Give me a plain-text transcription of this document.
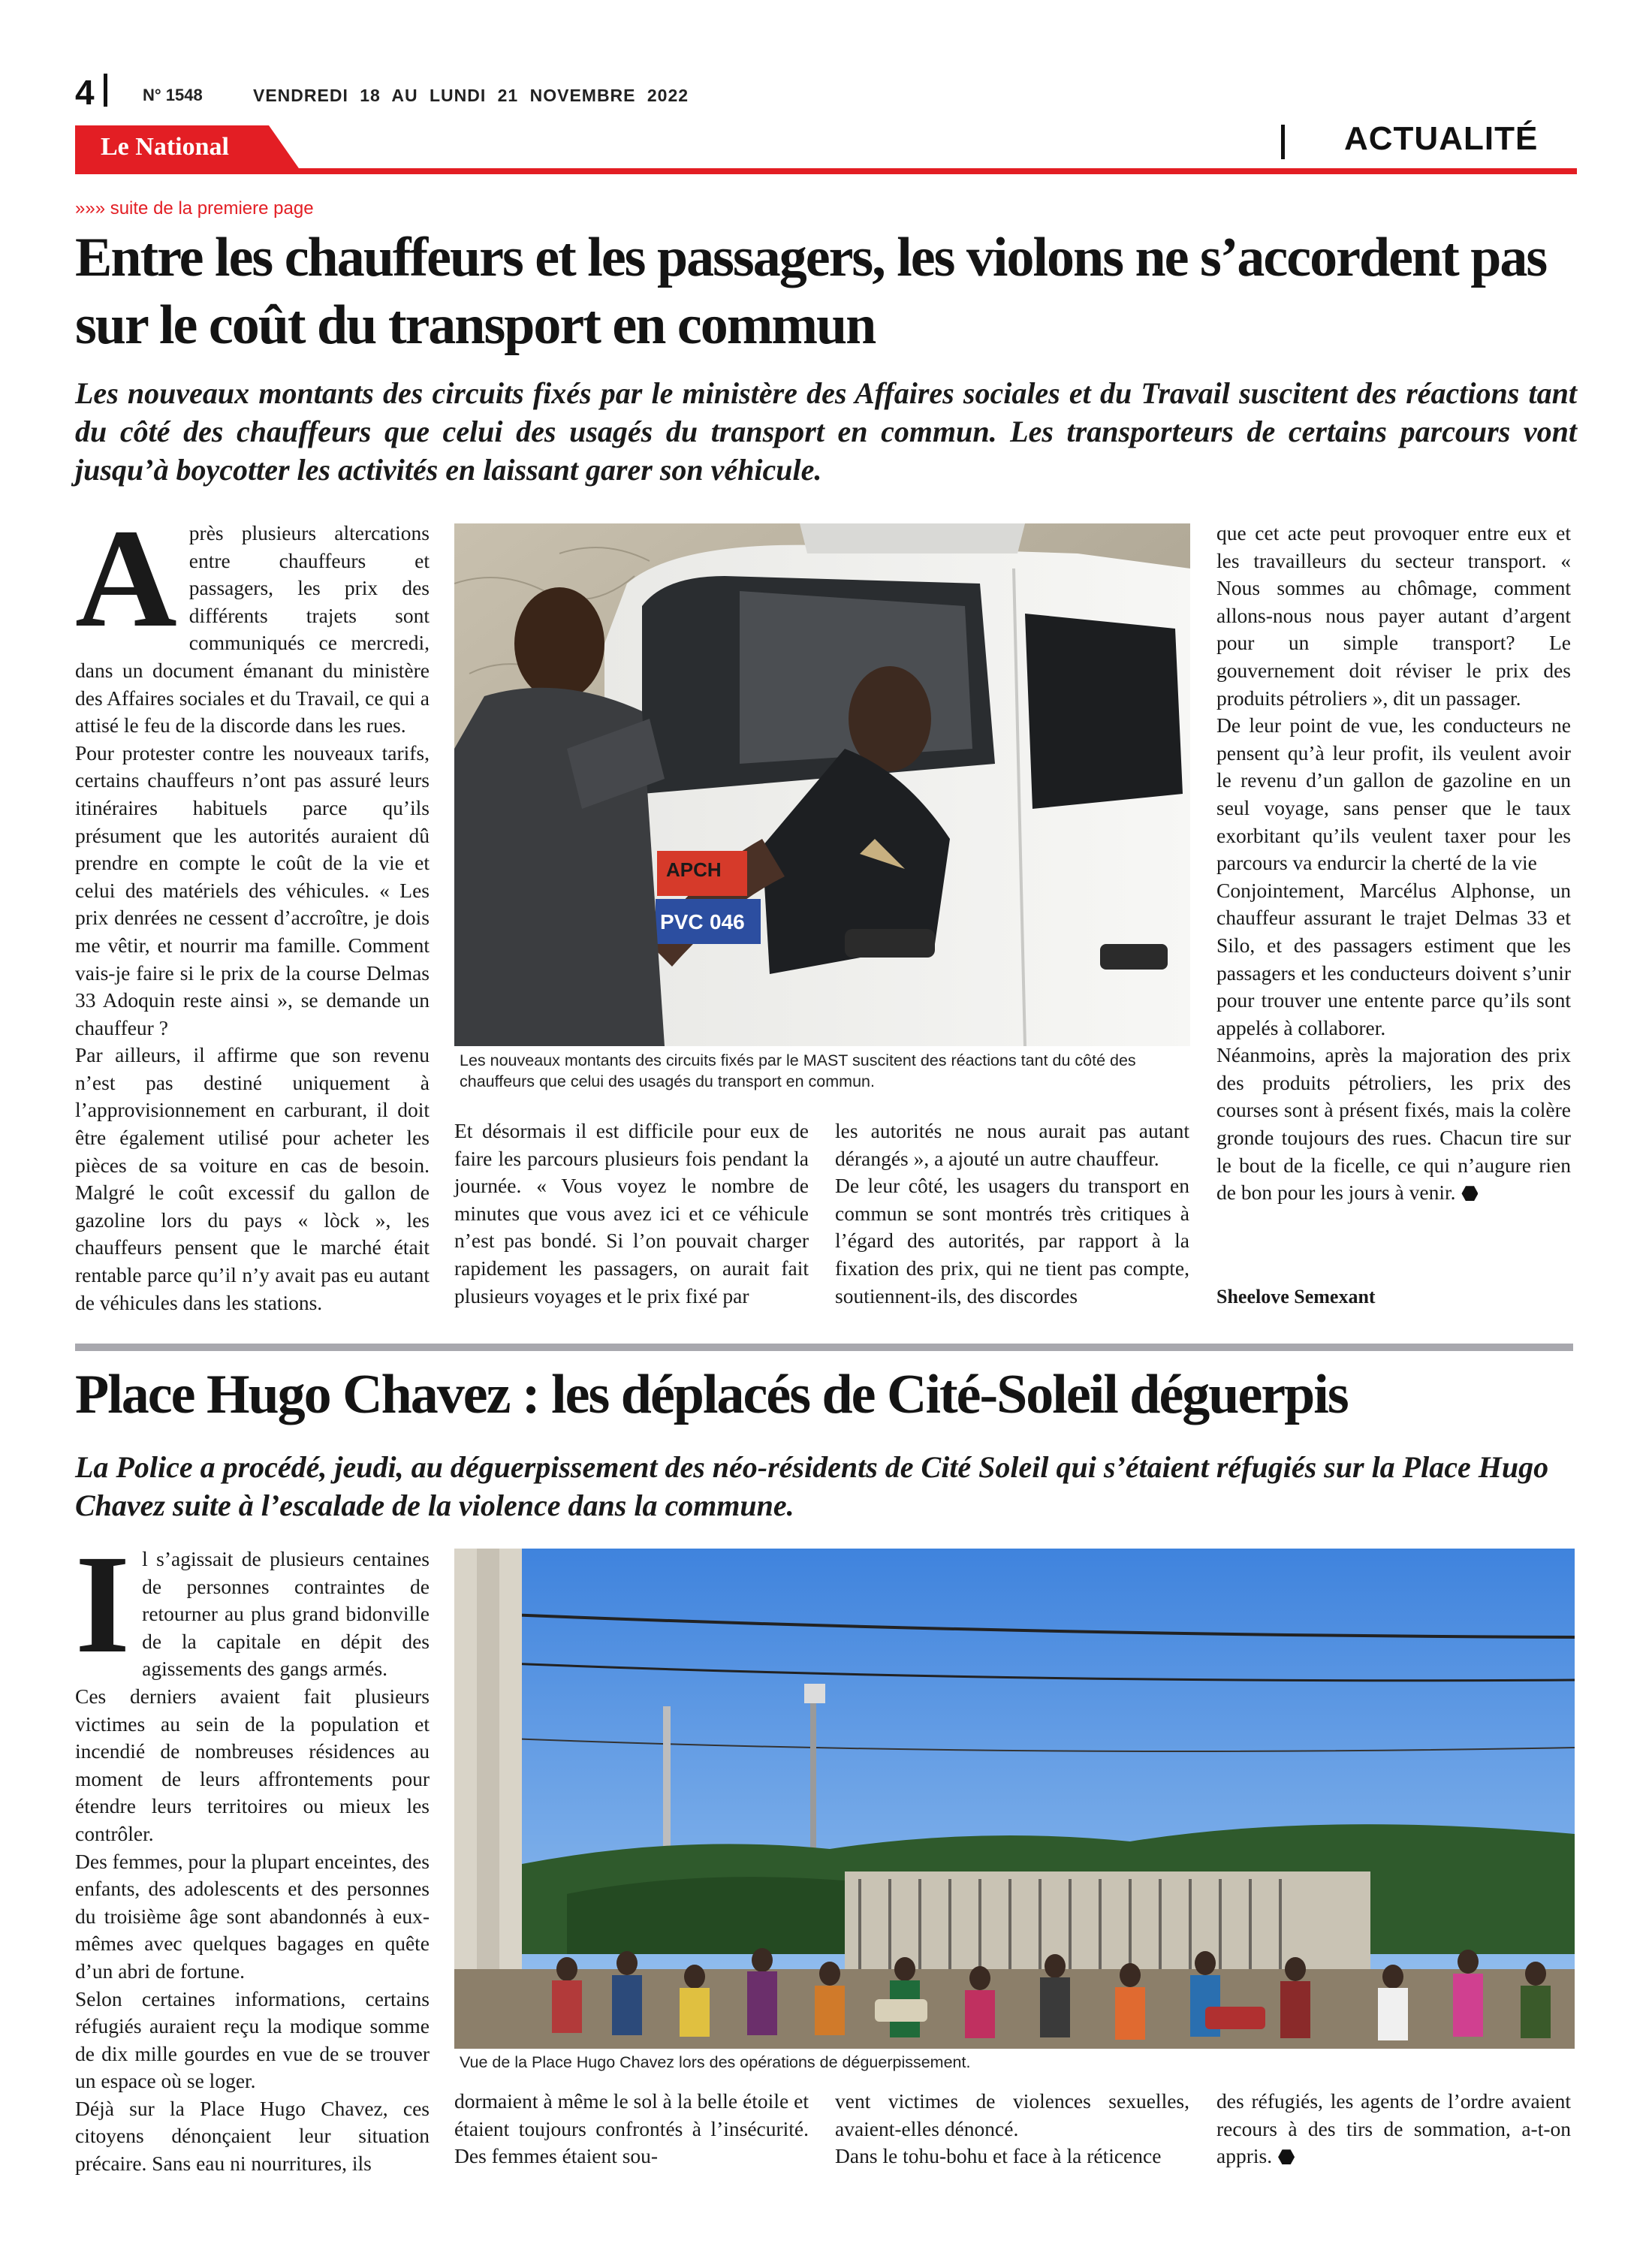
4	N° 1548	VENDREDI 18 AU LUNDI 21 NOVEMBRE 2022
Le National	ACTUALITÉ
»»» suite de la premiere page
Entre les chauffeurs et les passagers, les violons ne s’accordent pas sur le coût du transport en commun
Les nouveaux montants des circuits fixés par le ministère des Affaires sociales et du Travail suscitent des réactions tant du côté des chauffeurs que celui des usagés du transport en commun. Les transporteurs de certains parcours vont jusqu’à boycotter les activités en laissant garer son véhicule.
A près plusieurs altercations entre chauffeurs et passagers, les prix des différents trajets sont communiqués ce mercredi, dans un document émanant du ministère des Affaires sociales et du Travail, ce qui a attisé le feu de la discorde dans les rues.

Pour protester contre les nouveaux tarifs, certains chauffeurs n’ont pas assuré leurs itinéraires habituels parce qu’ils présument que les autorités auraient dû prendre en compte le coût de la vie et celui des matériels des véhicules. « Les prix denrées ne cessent d’accroître, je dois me vêtir, et nourrir ma famille. Comment vais-je faire si le prix de la course Delmas 33 Adoquin reste ainsi », se demande un chauffeur ?

Par ailleurs, il affirme que son revenu n’est pas destiné uniquement à l’approvisionnement en carburant, il doit être également utilisé pour acheter les pièces de sa voiture en cas de besoin. Malgré le coût excessif du gallon de gazoline lors du pays « lòck », les chauffeurs pensent que le marché était rentable parce qu’il n’y avait pas eu autant de véhicules dans les stations.

APCH
PVC 046
Les nouveaux montants des circuits fixés par le MAST suscitent des réactions tant du côté des chauffeurs que celui des usagés du transport en commun.

Et désormais il est difficile pour eux de faire les parcours plusieurs fois pendant la journée. « Vous voyez le nombre de minutes que vous avez ici et ce véhicule n’est pas bondé. Si l’on pouvait charger rapidement les passagers, on aurait fait plusieurs voyages et le prix fixé par

les autorités ne nous aurait pas autant dérangés », a ajouté un autre chauffeur.

De leur côté, les usagers du transport en commun se sont montrés très critiques à l’égard des autorités, par rapport à la fixation des prix, qui ne tient pas compte, soutiennent-ils, des discordes

que cet acte peut provoquer entre eux et les travailleurs du secteur transport. « Nous sommes au chômage, comment allons-nous nous payer autant d’argent pour un simple transport? Le gouvernement doit réviser le prix des produits pétroliers », dit un passager.

De leur point de vue, les conducteurs ne pensent qu’à leur profit, ils veulent avoir le revenu d’un gallon de gazoline en un seul voyage, sans penser que le taux exorbitant qu’ils veulent taxer pour les parcours va endurcir la cherté de la vie

Conjointement, Marcélus Alphonse, un chauffeur assurant le trajet Delmas 33 et Silo, et des passagers estiment que les passagers et les conducteurs doivent s’unir pour trouver une entente parce qu’ils sont appelés à collaborer.

Néanmoins, après la majoration des prix des produits pétroliers, les prix des courses sont à présent fixés, mais la colère gronde toujours des rues. Chacun tire sur le bout de la ficelle, ce qui n’augure rien de bon pour les jours à venir.

Sheelove Semexant
Place Hugo Chavez : les déplacés de Cité-Soleil déguerpis
La Police a procédé, jeudi, au déguerpissement des néo-résidents de Cité Soleil qui s’étaient réfugiés sur la Place Hugo Chavez suite à l’escalade de la violence dans la commune.
I l s’agissait de plusieurs centaines de personnes contraintes de retourner au plus grand bidonville de la capitale en dépit des agissements des gangs armés.

Ces derniers avaient fait plusieurs victimes au sein de la population et incendié de nombreuses résidences au moment de leurs affrontements pour étendre leurs territoires ou mieux les contrôler.

Des femmes, pour la plupart enceintes, des enfants, des adolescents et des personnes du troisième âge sont abandonnés à eux-mêmes avec quelques bagages en quête d’un abri de fortune.

Selon certaines informations, certains réfugiés auraient reçu la modique somme de dix mille gourdes en vue de se trouver un espace où se loger.

Déjà sur la Place Hugo Chavez, ces citoyens dénonçaient leur situation précaire. Sans eau ni nourritures, ils

Vue de la Place Hugo Chavez lors des opérations de déguerpissement.

dormaient à même le sol à la belle étoile et étaient toujours confrontés à l’insécurité. Des femmes étaient sou-

vent victimes de violences sexuelles, avaient-elles dénoncé.

Dans le tohu-bohu et face à la réticence

des réfugiés, les agents de l’ordre avaient recours à des tirs de sommation, a-t-on appris.
